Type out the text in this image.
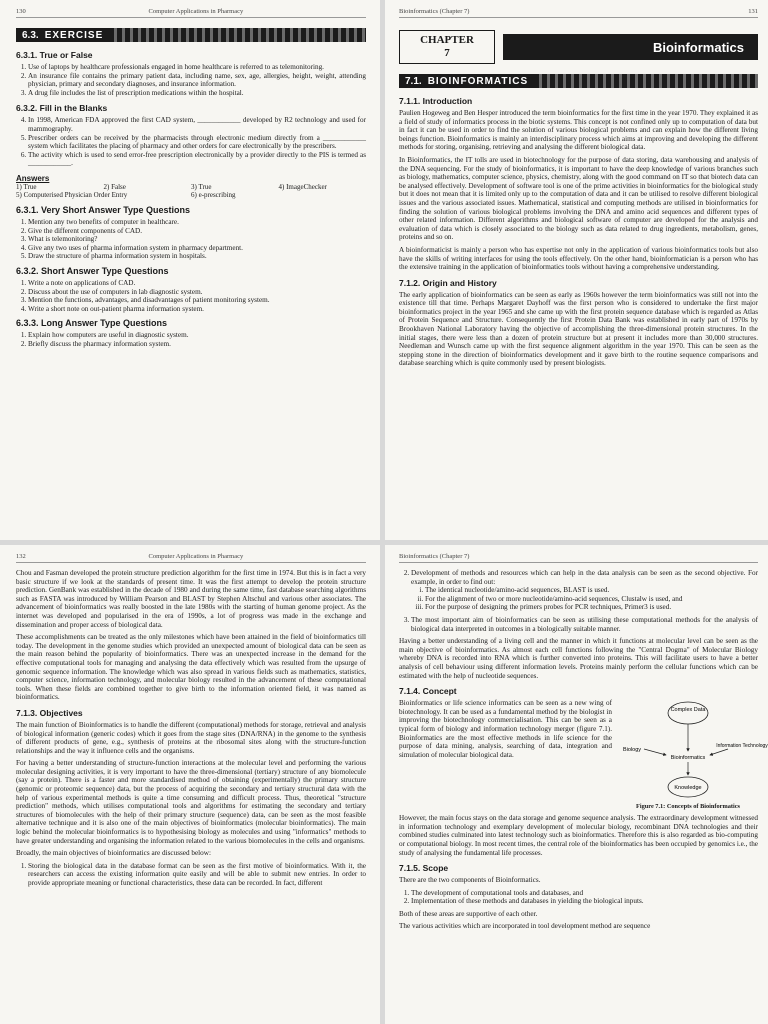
130	Computer Applications in Pharmacy
6.3. EXERCISE
6.3.1. True or False
1. Use of laptops by healthcare professionals engaged in home healthcare is referred to as telemonitoring.
2. An insurance file contains the primary patient data, including name, sex, age, allergies, height, weight, attending physician, primary and secondary diagnoses, and insurance information.
3. A drug file includes the list of prescription medications within the hospital.
6.3.2. Fill in the Blanks
4. In 1998, American FDA approved the first CAD system, ____________ developed by R2 technology and used for mammography.
5. Prescriber orders can be received by the pharmacists through electronic medium directly from a ____________ system which facilitates the placing of pharmacy and other orders for care electronically by the prescribers.
6. The activity which is used to send error-free prescription electronically by a provider directly to the PIS is termed as ____________.
Answers
1) True	2) False	3) True	4) ImageChecker
5) Computerised Physician Order Entry	6) e-prescribing
6.3.1. Very Short Answer Type Questions
1. Mention any two benefits of computer in healthcare.
2. Give the different components of CAD.
3. What is telemonitoring?
4. Give any two uses of pharma information system in pharmacy department.
5. Draw the structure of pharma information system in hospitals.
6.3.2. Short Answer Type Questions
1. Write a note on applications of CAD.
2. Discuss about the use of computers in lab diagnostic system.
3. Mention the functions, advantages, and disadvantages of patient monitoring system.
4. Write a short note on out-patient pharma information system.
6.3.3. Long Answer Type Questions
1. Explain how computers are useful in diagnostic system.
2. Briefly discuss the pharmacy information system.
Bioinformatics (Chapter 7)	131
CHAPTER
7	Bioinformatics
7.1. BIOINFORMATICS
7.1.1. Introduction

Paulien Hogeweg and Ben Hesper introduced the term bioinformatics for the first time in the year 1970. They explained it as a field of study of informatics process in the biotic systems. This concept is not confined only up to computation of data but in fact it can be used in order to find the solution of various biological problems and can explain how the different living beings function. Bioinformatics is mainly an interdisciplinary process which aims at improving and developing the different methods for storing, organising, retrieving and analysing the different biological data.

In Bioinformatics, the IT tolls are used in biotechnology for the purpose of data storing, data warehousing and analysis of the DNA sequencing. For the study of bioinformatics, it is important to have the deep knowledge of various branches such as biology, mathematics, computer science, physics, chemistry, along with the good command on IT so that biotech data can be analysed effectively. Development of software tool is one of the prime activities in bioinformatics for the biological study but it does not mean that it is limited only up to the computation of data and it can be utilised to resolve different biological issues and the various associated issues. Mathematical, statistical and computing methods are utilised in bioinformatics for finding the solution of various biological problems involving the DNA and amino acid sequences and different types of other related information. Different algorithms and biological software of computer are developed for the analysis and evaluation of data which is closely associated to the biology such as data related to drug ingredients, metabolism, genes, proteins and so on.

A bioinformaticist is mainly a person who has expertise not only in the application of various bioinformatics tools but also have the skills of writing interfaces for using the tools effectively. On the other hand, bioinformatician is a person who has the extensive training in the application of bioinformatics tools without having a comprehensive understanding.

7.1.2. Origin and History

The early application of bioinformatics can be seen as early as 1960s however the term bioinformatics was still not into the existence till that time. Perhaps Margaret Dayhoff was the first person who is considered to undertake the first major bioinformatics project in the year 1965 and she came up with the first protein sequence database which is regarded as Atlas of Protein Sequence and Structure. Consequently the first Protein Data Bank was established in early part of 1970s by Brookhaven National Laboratory having the objective of accomplishing the three-dimensional protein structures. In the initial stages, there were less than a dozen of protein structure but at present it includes more than 30,000 structures. Needleman and Wunsch came up with the first sequence alignment algorithm in the year 1970. This can be seen as the stepping stone in the direction of bioinformatics development and it gave birth to the routine sequence comparisons and database searching which is quite commonly used by present biologists.

132	Computer Applications in Pharmacy

Chou and Fasman developed the protein structure prediction algorithm for the first time in 1974. But this is in fact a very basic structure if we look at the standards of present time. It was the first attempt to develop the protein structure prediction. GenBank was established in the decade of 1980 and during the same time, fast database searching algorithms such as FASTA was introduced by William Pearson and BLAST by Stephen Altschul and various other associates. The advancement of bioinformatics was really boosted in the late 1980s with the starting of human genome project. As the internet was developed and popularised in the era of 1990s, a lot of progress was made in the exchange and dissemination and proper access of biological data.

These accomplishments can be treated as the only milestones which have been attained in the field of bioinformatics till today. The development in the genome studies which provided an unexpected amount of biological data can be seen as the main reason behind the popularity of bioinformatics. There was an unexpected increase in the demand for the effective computational tools for managing and analysing the data effectively which was resulted from the upsurge of genomic sequence information. The knowledge which was also spread in various fields such as mathematics, statistics, computer science, information technology, and molecular biology resulted in the advancement of these computational tools. When these fields are combined together to give birth to the information oriented field, it was named as bioinformatics.

7.1.3. Objectives

The main function of Bioinformatics is to handle the different (computational) methods for storage, retrieval and analysis of biological information (generic codes) which it goes from the stage sites (DNA/RNA) in the genome to the synthesis of different products of gene, e.g., synthesis of proteins at the ribosomal sites along with the structure-function relationships and the way it influence cells and the organisms.

For having a better understanding of structure-function interactions at the molecular level and performing the various molecular designing activities, it is very important to have the three-dimensional (tertiary) structure of any biomolecule (say a protein). There is a faster and more standardised method of obtaining (experimentally) the primary structure (genomic or proteomic sequence) data, but the process of acquiring the secondary and tertiary structural data with the help of various experimental methods is quite a time consuming and difficult process. Thus, theoretical "structure prediction" methods, which utilises computational tools and algorithms for estimating the secondary and tertiary structures of biomolecules with the help of their primary structure (sequence) data, can be seen as the most feasible alternative technique and it is also one of the main objectives of bioinformatics (molecular bioinformatics). The main logic behind the molecular bioinformatics is to hypothesising biology as molecules and using "informatics" methods to have greater understanding and organising the information related to the various biomolecules in the cells and organisms.

Broadly, the main objectives of bioinformatics are discussed below:

1. Storing the biological data in the database format can be seen as the first motive of bioinformatics. With it, the researchers can access the existing information quite easily and will be able to submit new entries. In order to provide appropriate meaning or functional characteristics, these data can be recorded. In fact, different
Bioinformatics (Chapter 7)
2. Development of methods and resources which can help in the data analysis can be seen as the second objective. For example, in order to find out:
i. The identical nucleotide/amino-acid sequences, BLAST is used.
ii. For the alignment of two or more nucleotide/amino-acid sequences, Clustalw is used, and
iii. For the purpose of designing the primers probes for PCR techniques, Primer3 is used.
3. The most important aim of bioinformatics can be seen as utilising these computational methods for the analysis of biological data interpreted in outcomes in a biologically suitable manner.

Having a better understanding of a living cell and the manner in which it functions at molecular level can be seen as the main objective of bioinformatics. As almost each cell functions following the "Central Dogma" of Molecular Biology whereby DNA is recorded into RNA which is further converted into proteins. This will facilitate users to have a better analysis of cell behaviour using different information levels. Proteins mainly perform the cellular functions which can be estimated with the help of nucleotide sequences.

7.1.4. Concept
Complex Data
Biology
Information Technology
Bioinformatics
Knowledge
Figure 7.1: Concepts of Bioinformatics

Bioinformatics or life science informatics can be seen as a new wing of biotechnology. It can be used as a fundamental method by the biologist in improving the biotechnology commercialisation. This can be seen as a typical form of biology and information technology merger (figure 7.1). Bioinformatics are the most effective methods in life science for the purpose of data mining, analysis, searching of data, integration and simulation of molecular biological data.

However, the main focus stays on the data storage and genome sequence analysis. The extraordinary development witnessed in information technology and exemplary development of molecular biology, recombinant DNA technologies and their combined studies culminated into latest technology such as bioinformatics. Therefore this is also regarded as bio-computing or computational biology. In most recent times, the central role of the bioinformatics has been occupied by genomics i.e., the study of analysing the fundamental life processes.

7.1.5. Scope

There are the two components of Bioinformatics.

1. The development of computational tools and databases, and
2. Implementation of these methods and databases in yielding the biological inputs.

Both of these areas are supportive of each other.

The various activities which are incorporated in tool development method are sequence
